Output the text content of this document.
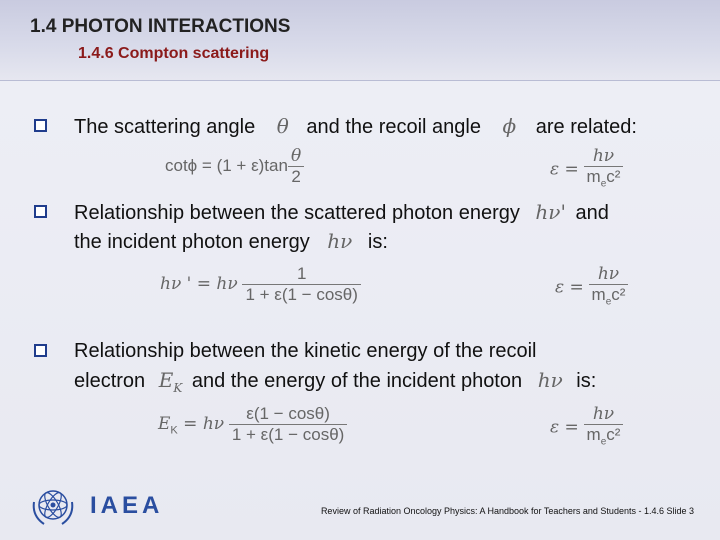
1.4 PHOTON INTERACTIONS
1.4.6 Compton scattering
The scattering angle θ and the recoil angle ϕ are related:
$\cot\phi = (1 + \varepsilon)\tan \frac{\theta}{2}$	$\varepsilon = \frac{h\nu}{m_ec^2}$
Relationship between the scattered photon energy hν' and
the incident photon energy hν is:
hν ' = hν $\frac{1}{1 + \varepsilon(1 - \cos\theta)}$	$\varepsilon = \frac{h\nu}{m_ec^2}$
Relationship between the kinetic energy of the recoil
electron $E_K$ and the energy of the incident photon hν is:
$E_K = h\nu \frac{\varepsilon(1 - \cos\theta)}{1 + \varepsilon(1 - \cos\theta)}$	$\varepsilon = \frac{h\nu}{m_ec^2}$
IAEA	Review of Radiation Oncology Physics: A Handbook for Teachers and Students - 1.4.6 Slide 3
